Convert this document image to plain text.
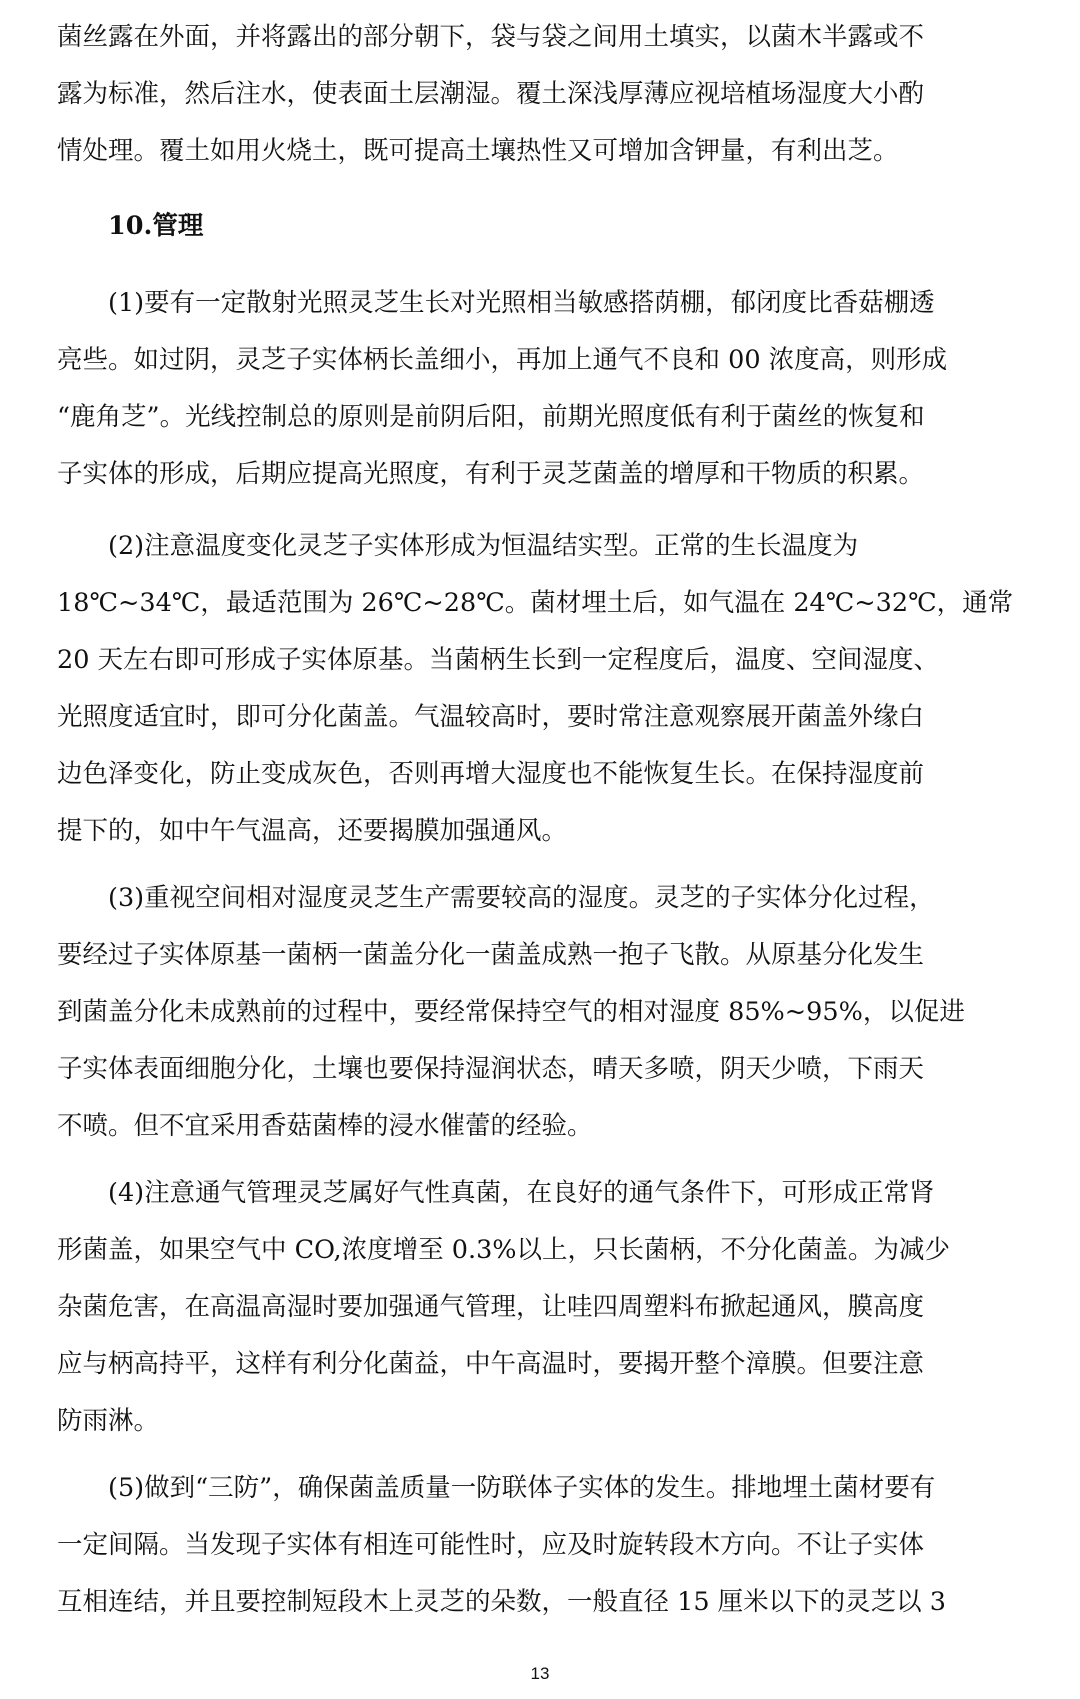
菌丝露在外面，并将露出的部分朝下，袋与袋之间用土填实，以菌木半露或不
露为标准，然后注水，使表面土层潮湿。覆土深浅厚薄应视培植场湿度大小酌
情处理。覆土如用火烧土，既可提高土壤热性又可增加含钾量，有利出芝。
10.管理
(1)要有一定散射光照灵芝生长对光照相当敏感搭荫棚，郁闭度比香菇棚透
亮些。如过阴，灵芝子实体柄长盖细小，再加上通气不良和 00 浓度高，则形成
“鹿角芝”。光线控制总的原则是前阴后阳，前期光照度低有利于菌丝的恢复和
子实体的形成，后期应提高光照度，有利于灵芝菌盖的增厚和干物质的积累。
(2)注意温度变化灵芝子实体形成为恒温结实型。正常的生长温度为
18℃~34℃，最适范围为 26℃~28℃。菌材埋土后，如气温在 24℃~32℃，通常
20 天左右即可形成子实体原基。当菌柄生长到一定程度后，温度、空间湿度、
光照度适宜时，即可分化菌盖。气温较高时，要时常注意观察展开菌盖外缘白
边色泽变化，防止变成灰色，否则再增大湿度也不能恢复生长。在保持湿度前
提下的，如中午气温高，还要揭膜加强通风。
(3)重视空间相对湿度灵芝生产需要较高的湿度。灵芝的子实体分化过程，
要经过子实体原基一菌柄一菌盖分化一菌盖成熟一抱子飞散。从原基分化发生
到菌盖分化未成熟前的过程中，要经常保持空气的相对湿度 85%~95%，以促进
子实体表面细胞分化，土壤也要保持湿润状态，晴天多喷，阴天少喷，下雨天
不喷。但不宜采用香菇菌棒的浸水催蕾的经验。
(4)注意通气管理灵芝属好气性真菌，在良好的通气条件下，可形成正常肾
形菌盖，如果空气中 CO,浓度增至 0.3%以上，只长菌柄，不分化菌盖。为减少
杂菌危害，在高温高湿时要加强通气管理，让哇四周塑料布掀起通风，膜高度
应与柄高持平，这样有利分化菌益，中午高温时，要揭开整个漳膜。但要注意
防雨淋。
(5)做到“三防”，确保菌盖质量一防联体子实体的发生。排地埋土菌材要有
一定间隔。当发现子实体有相连可能性时，应及时旋转段木方向。不让子实体
互相连结，并且要控制短段木上灵芝的朵数，一般直径 15 厘米以下的灵芝以 3
13
